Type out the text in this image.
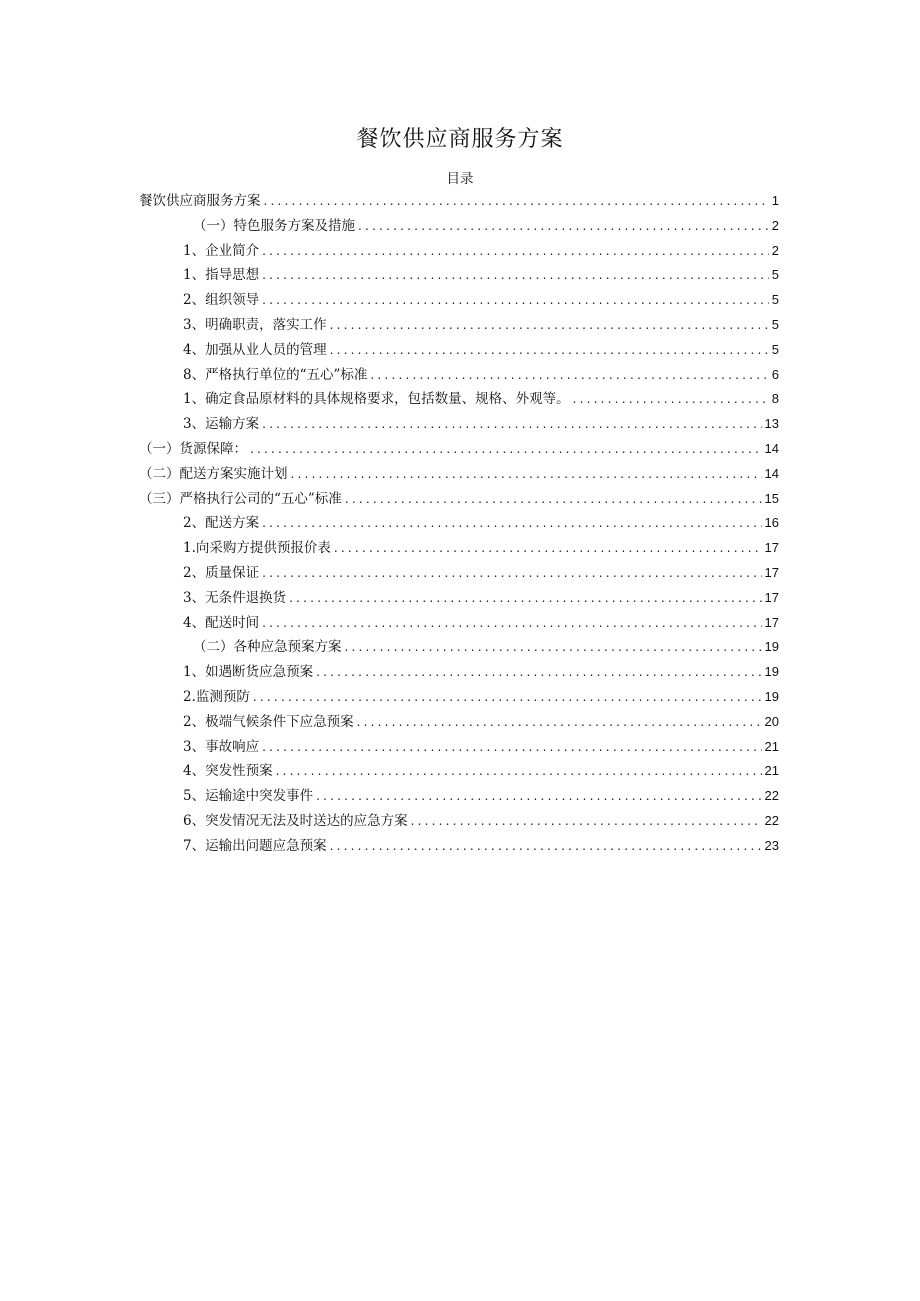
餐饮供应商服务方案
目录
餐饮供应商服务方案 .....	1
（一）特色服务方案及措施 .....	2
1、企业简介 .....	2
1、指导思想 .....	5
2、组织领导 .....	5
3、明确职责，落实工作 .....	5
4、加强从业人员的管理 .....	5
8、严格执行单位的“五心”标准 .....	6
1、确定食品原材料的具体规格要求，包括数量、规格、外观等。 .....	8
3、运输方案 .....	13
（一）货源保障： .....	14
（二）配送方案实施计划 .....	14
（三）严格执行公司的“五心”标准 .....	15
2、配送方案 .....	16
1.向采购方提供预报价表 .....	17
2、质量保证 .....	17
3、无条件退换货 .....	17
4、配送时间 .....	17
（二）各种应急预案方案 .....	19
1、如遇断货应急预案 .....	19
2.监测预防 .....	19
2、极端气候条件下应急预案 .....	20
3、事故响应 .....	21
4、突发性预案 .....	21
5、运输途中突发事件 .....	22
6、突发情况无法及时送达的应急方案 .....	22
7、运输出问题应急预案 .....	23
